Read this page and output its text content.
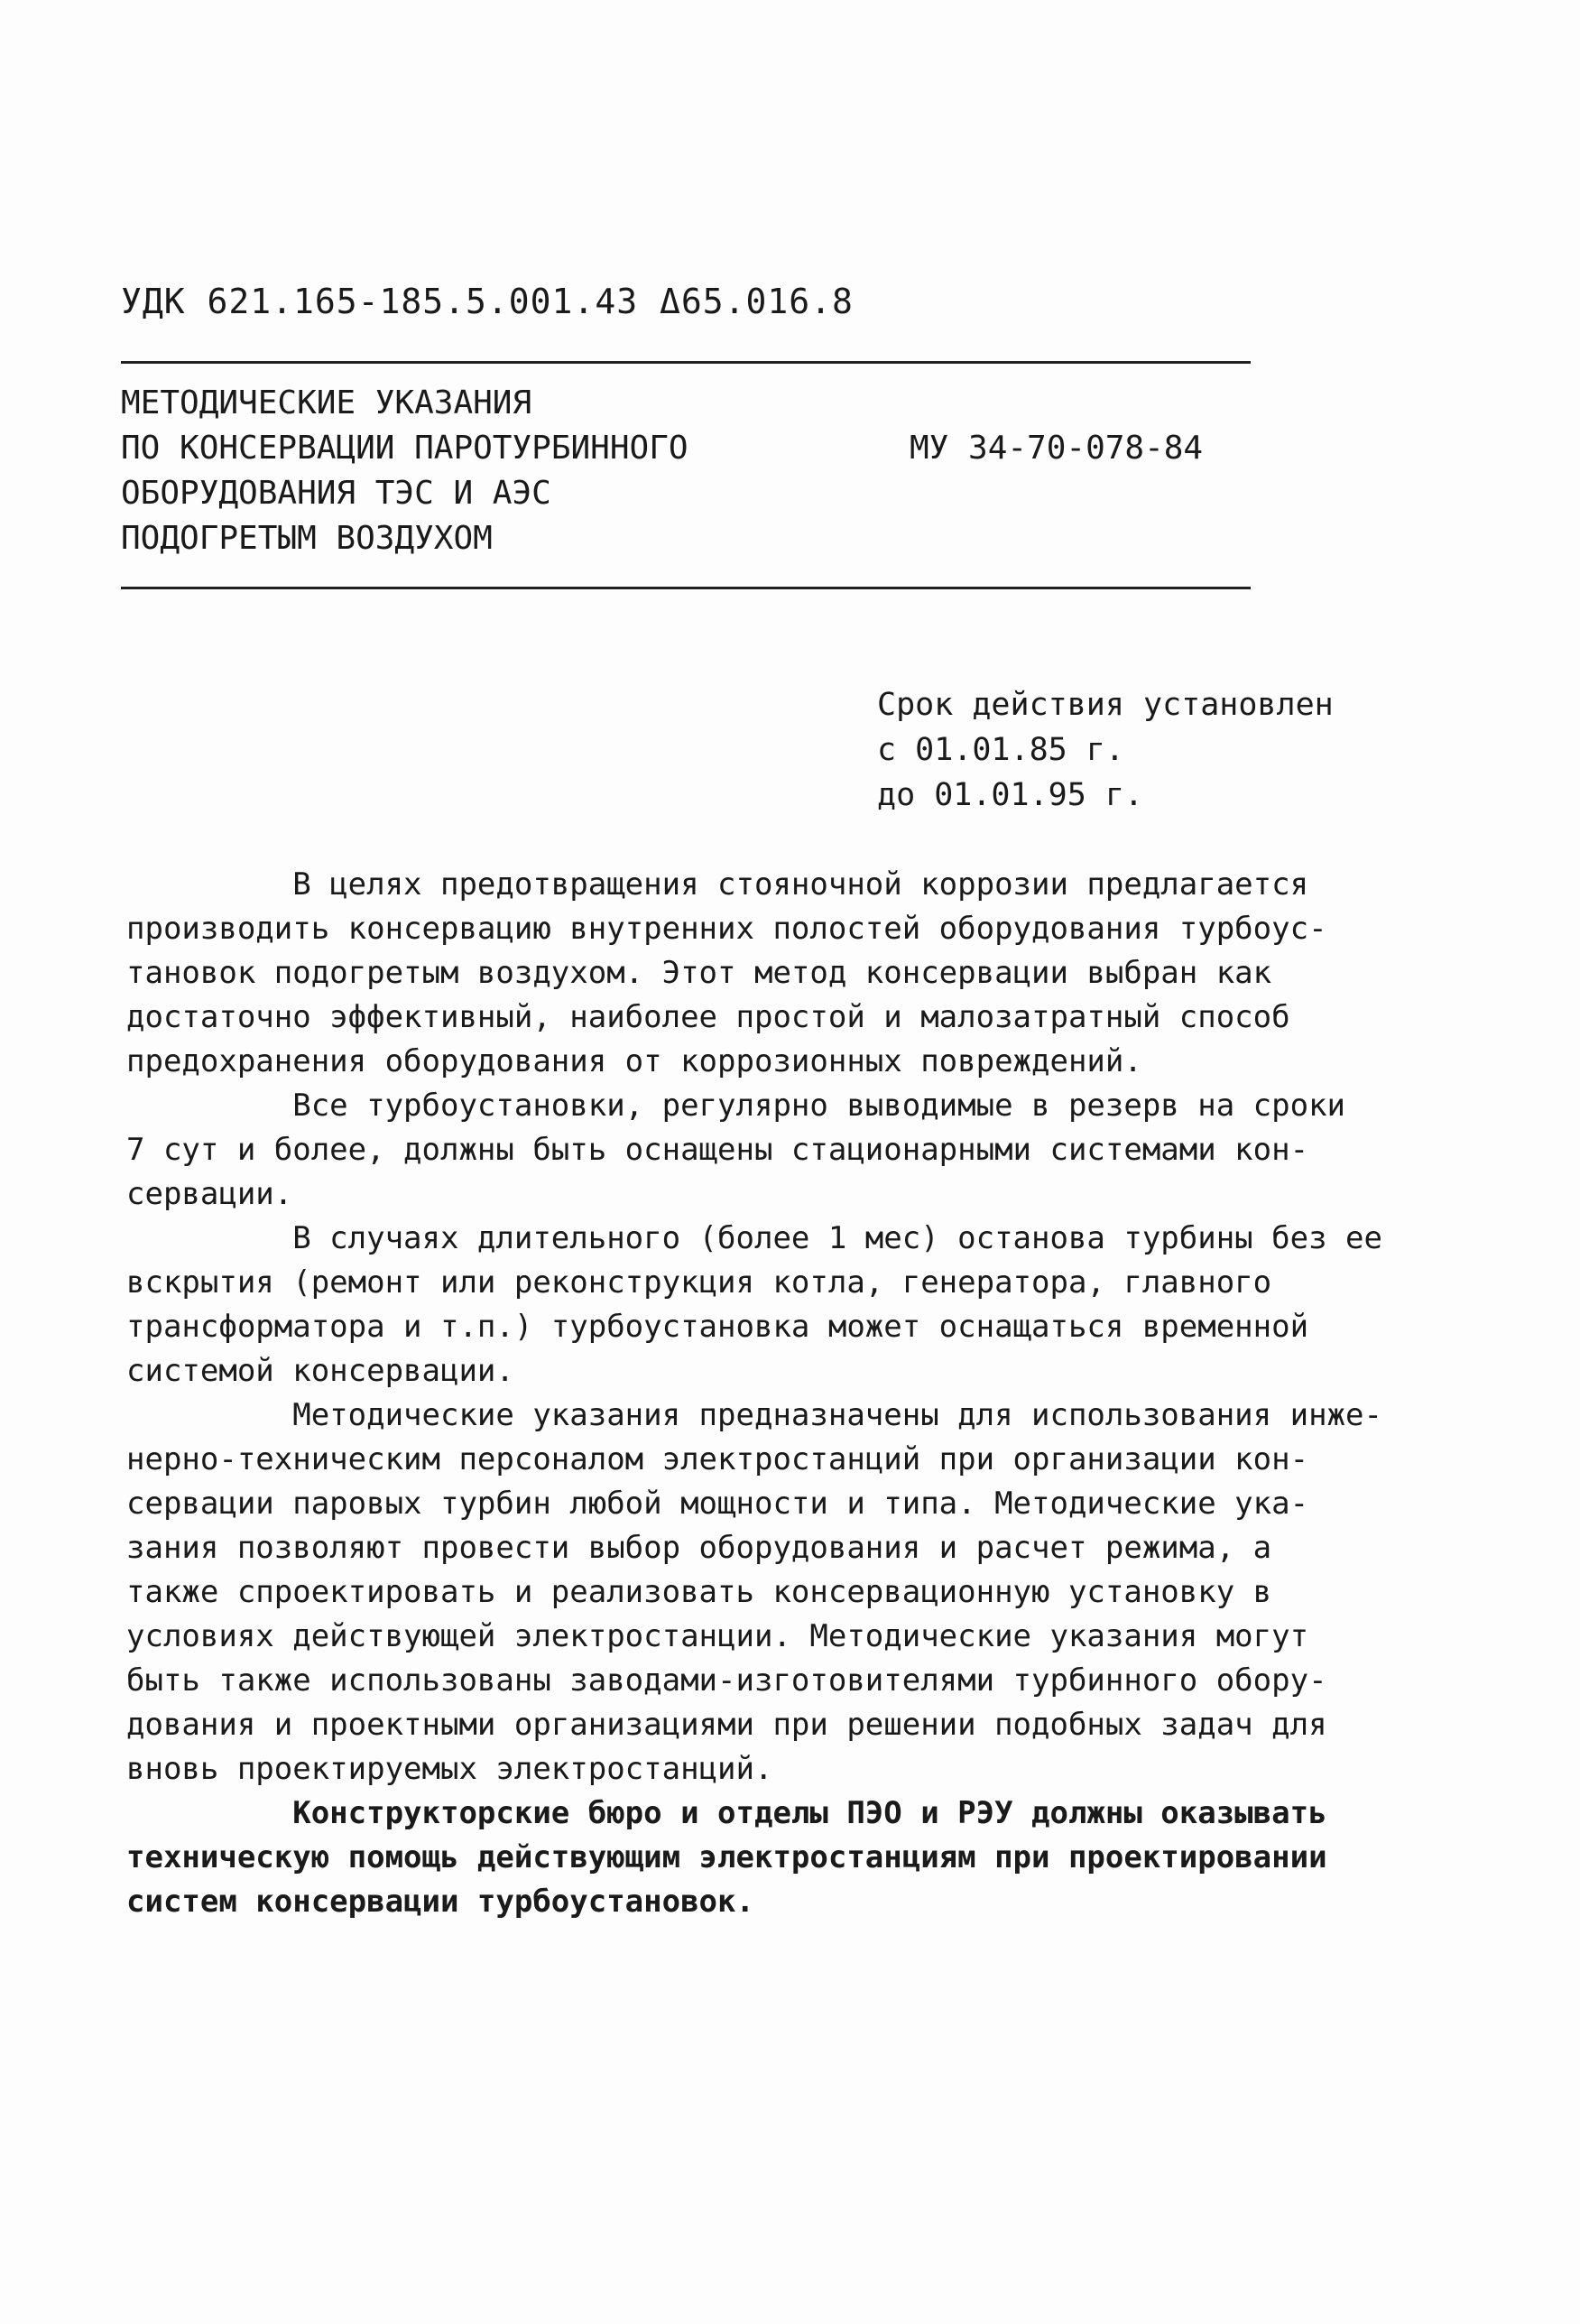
УДК 621.165-185.5.001.43 Δ65.016.8
МЕТОДИЧЕСКИЕ УКАЗАНИЯ
ПО КОНСЕРВАЦИИ ПАРОТУРБИННОГО
ОБОРУДОВАНИЯ ТЭС И АЭС
ПОДОГРЕТЫМ ВОЗДУХОМ
МУ 34-70-078-84
Срок действия установлен
с 01.01.85 г.
до 01.01.95 г.
В целях предотвращения стояночной коррозии предлагается
производить консервацию внутренних полостей оборудования турбоус-
тановок подогретым воздухом. Этот метод консервации выбран как
достаточно эффективный, наиболее простой и малозатратный способ
предохранения оборудования от коррозионных повреждений.
Все турбоустановки, регулярно выводимые в резерв на сроки
7 сут и более, должны быть оснащены стационарными системами кон-
сервации.
В случаях длительного (более 1 мес) останова турбины без ее
вскрытия (ремонт или реконструкция котла, генератора, главного
трансформатора и т.п.) турбоустановка может оснащаться временной
системой консервации.
Методические указания предназначены для использования инже-
нерно-техническим персоналом электростанций при организации кон-
сервации паровых турбин любой мощности и типа. Методические ука-
зания позволяют провести выбор оборудования и расчет режима, а
также спроектировать и реализовать консервационную установку в
условиях действующей электростанции. Методические указания могут
быть также использованы заводами-изготовителями турбинного обору-
дования и проектными организациями при решении подобных задач для
вновь проектируемых электростанций.
Конструкторские бюро и отделы ПЭО и РЭУ должны оказывать
техническую помощь действующим электростанциям при проектировании
систем консервации турбоустановок.
